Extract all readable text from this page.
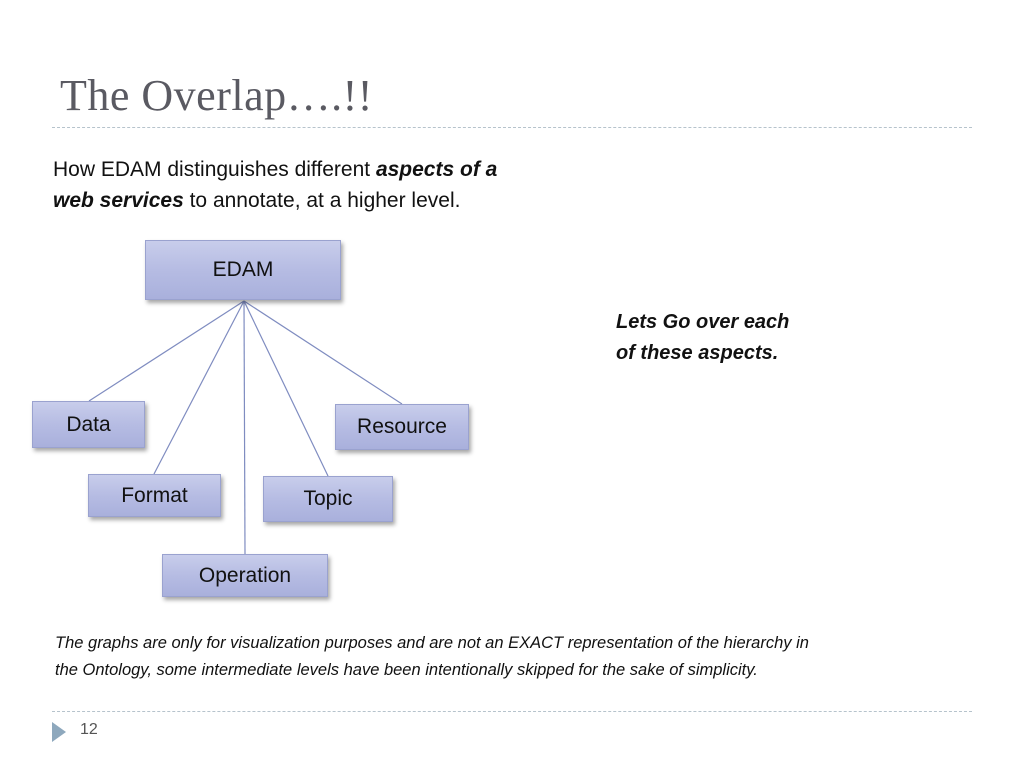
The Overlap….!!

How EDAM distinguishes different aspects of a
web services to annotate, at a higher level.

EDAM
Data	Resource
Format	Topic
Operation

Lets Go over each
of these aspects.

The graphs are only for visualization purposes and are not an EXACT representation of the hierarchy in
the Ontology, some intermediate levels have been intentionally skipped for the sake of simplicity.

12
